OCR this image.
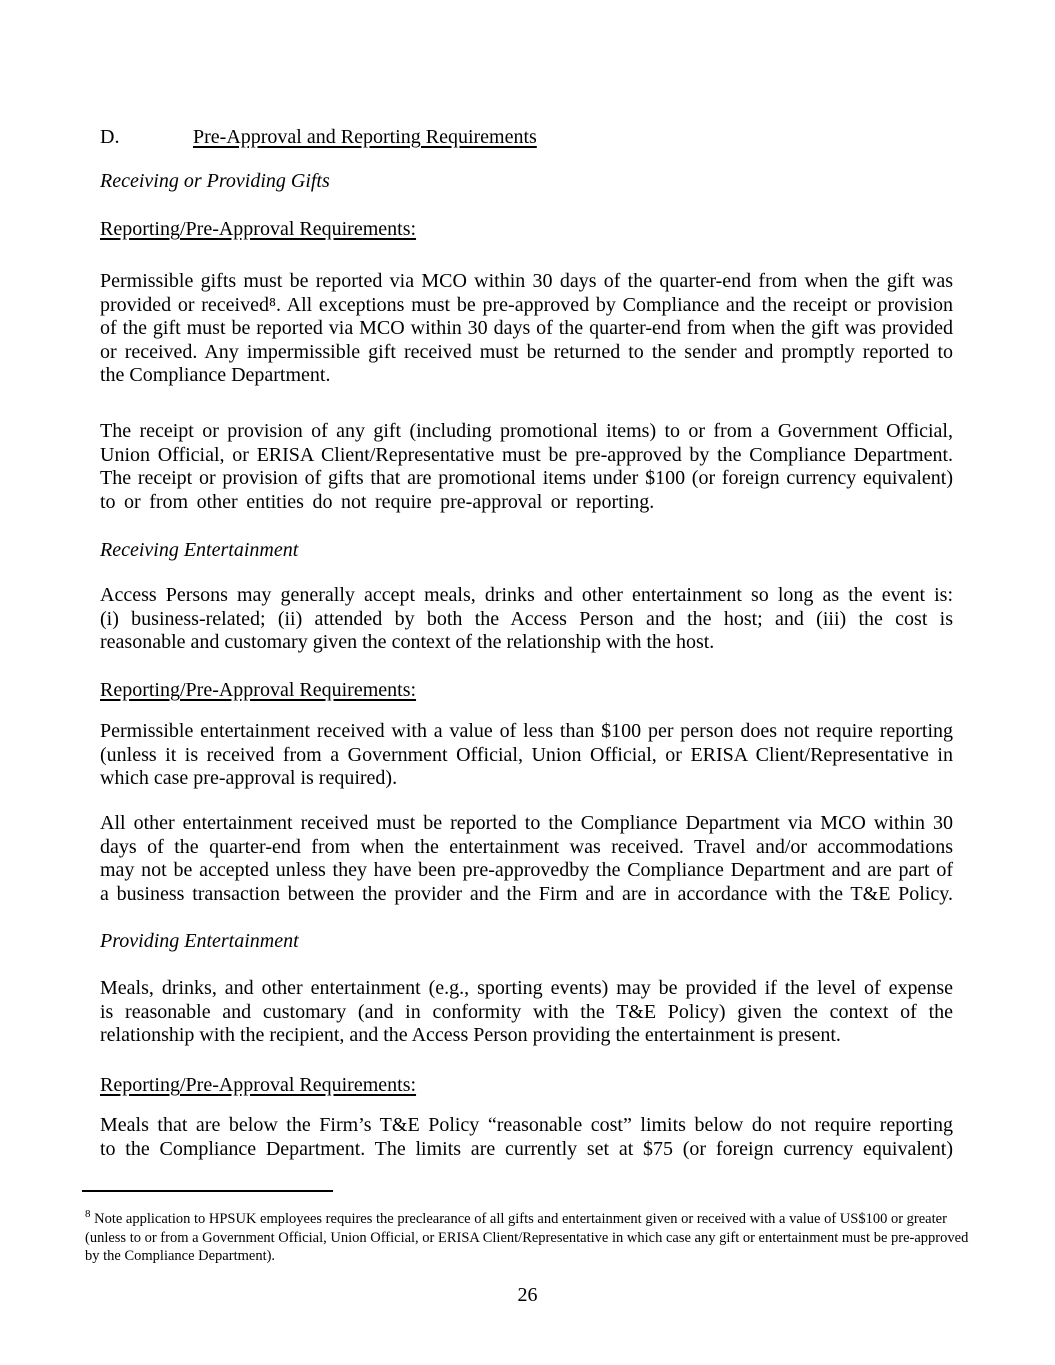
D.	Pre-Approval and Reporting Requirements
Receiving or Providing Gifts
Reporting/Pre-Approval Requirements:
Permissible gifts must be reported via MCO within 30 days of the quarter-end from when the gift was
provided or received⁸. All exceptions must be pre-approved by Compliance and the receipt or provision
of the gift must be reported via MCO within 30 days of the quarter-end from when the gift was provided
or received. Any impermissible gift received must be returned to the sender and promptly reported to
the Compliance Department.
The receipt or provision of any gift (including promotional items) to or from a Government Official,
Union Official, or ERISA Client/Representative must be pre-approved by the Compliance Department.
The receipt or provision of gifts that are promotional items under $100 (or foreign currency equivalent)
to or from other entities do not require pre-approval or reporting.
Receiving Entertainment
Access Persons may generally accept meals, drinks and other entertainment so long as the event is:
(i) business-related; (ii) attended by both the Access Person and the host; and (iii) the cost is
reasonable and customary given the context of the relationship with the host.
Reporting/Pre-Approval Requirements:
Permissible entertainment received with a value of less than $100 per person does not require reporting
(unless it is received from a Government Official, Union Official, or ERISA Client/Representative in
which case pre-approval is required).
All other entertainment received must be reported to the Compliance Department via MCO within 30
days of the quarter-end from when the entertainment was received. Travel and/or accommodations
may not be accepted unless they have been pre-approvedby the Compliance Department and are part of
a business transaction between the provider and the Firm and are in accordance with the T&E Policy.
Providing Entertainment
Meals, drinks, and other entertainment (e.g., sporting events) may be provided if the level of expense
is reasonable and customary (and in conformity with the T&E Policy) given the context of the
relationship with the recipient, and the Access Person providing the entertainment is present.
Reporting/Pre-Approval Requirements:
Meals that are below the Firm’s T&E Policy “reasonable cost” limits below do not require reporting
to the Compliance Department. The limits are currently set at $75 (or foreign currency equivalent)
$^8$ Note application to HPSUK employees requires the preclearance of all gifts and entertainment given or received with a value of US$100 or greater
(unless to or from a Government Official, Union Official, or ERISA Client/Representative in which case any gift or entertainment must be pre-approved
by the Compliance Department).
26
